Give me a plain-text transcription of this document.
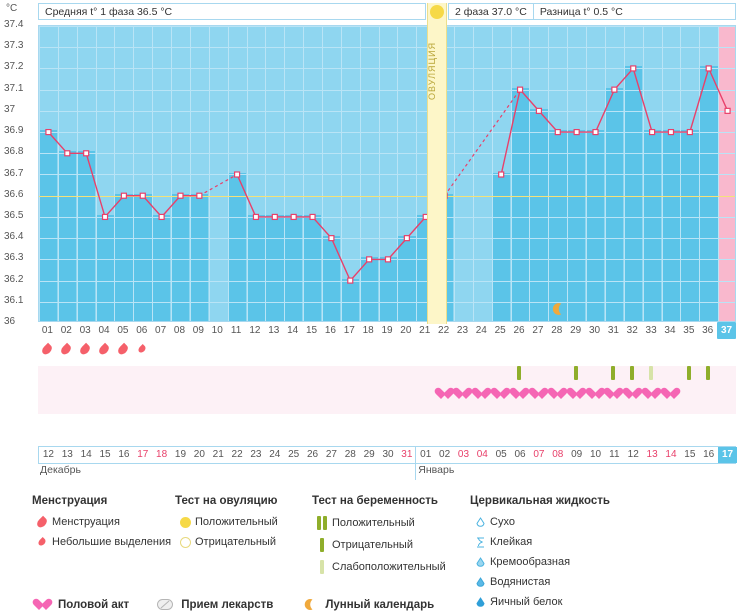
°C
37.4
37.3
37.2
37.1
37
36.9
36.8
36.7
36.6
36.5
36.4
36.3
36.2
36.1
36
Средняя t° 1 фаза 36.5 °C	2 фаза 37.0 °C	Разница t° 0.5 °C
ОВУЛЯЦИЯ
01 02 03 04 05 06 07 08 09 10 11 12 13 14 15 16 17 18 19 20 21 22 23 24 25 26 27 28 29 30 31 32 33 34 35 36 37
12 13 14 15 16 17 18 19 20 21 22 23 24 25 26 27 28 29 30 31 01 02 03 04 05 06 07 08 09 10 11 12 13 14 15 16 17
Декабрь	Январь
Менструация
Менструация
Небольшие выделения
Тест на овуляцию
Положительный
Отрицательный
Тест на беременность
Положительный
Отрицательный
Слабоположительный
Цервикальная жидкость
Сухо
Клейкая
Кремообразная
Водянистая
Яичный белок
Половой акт	Прием лекарств	Лунный календарь
